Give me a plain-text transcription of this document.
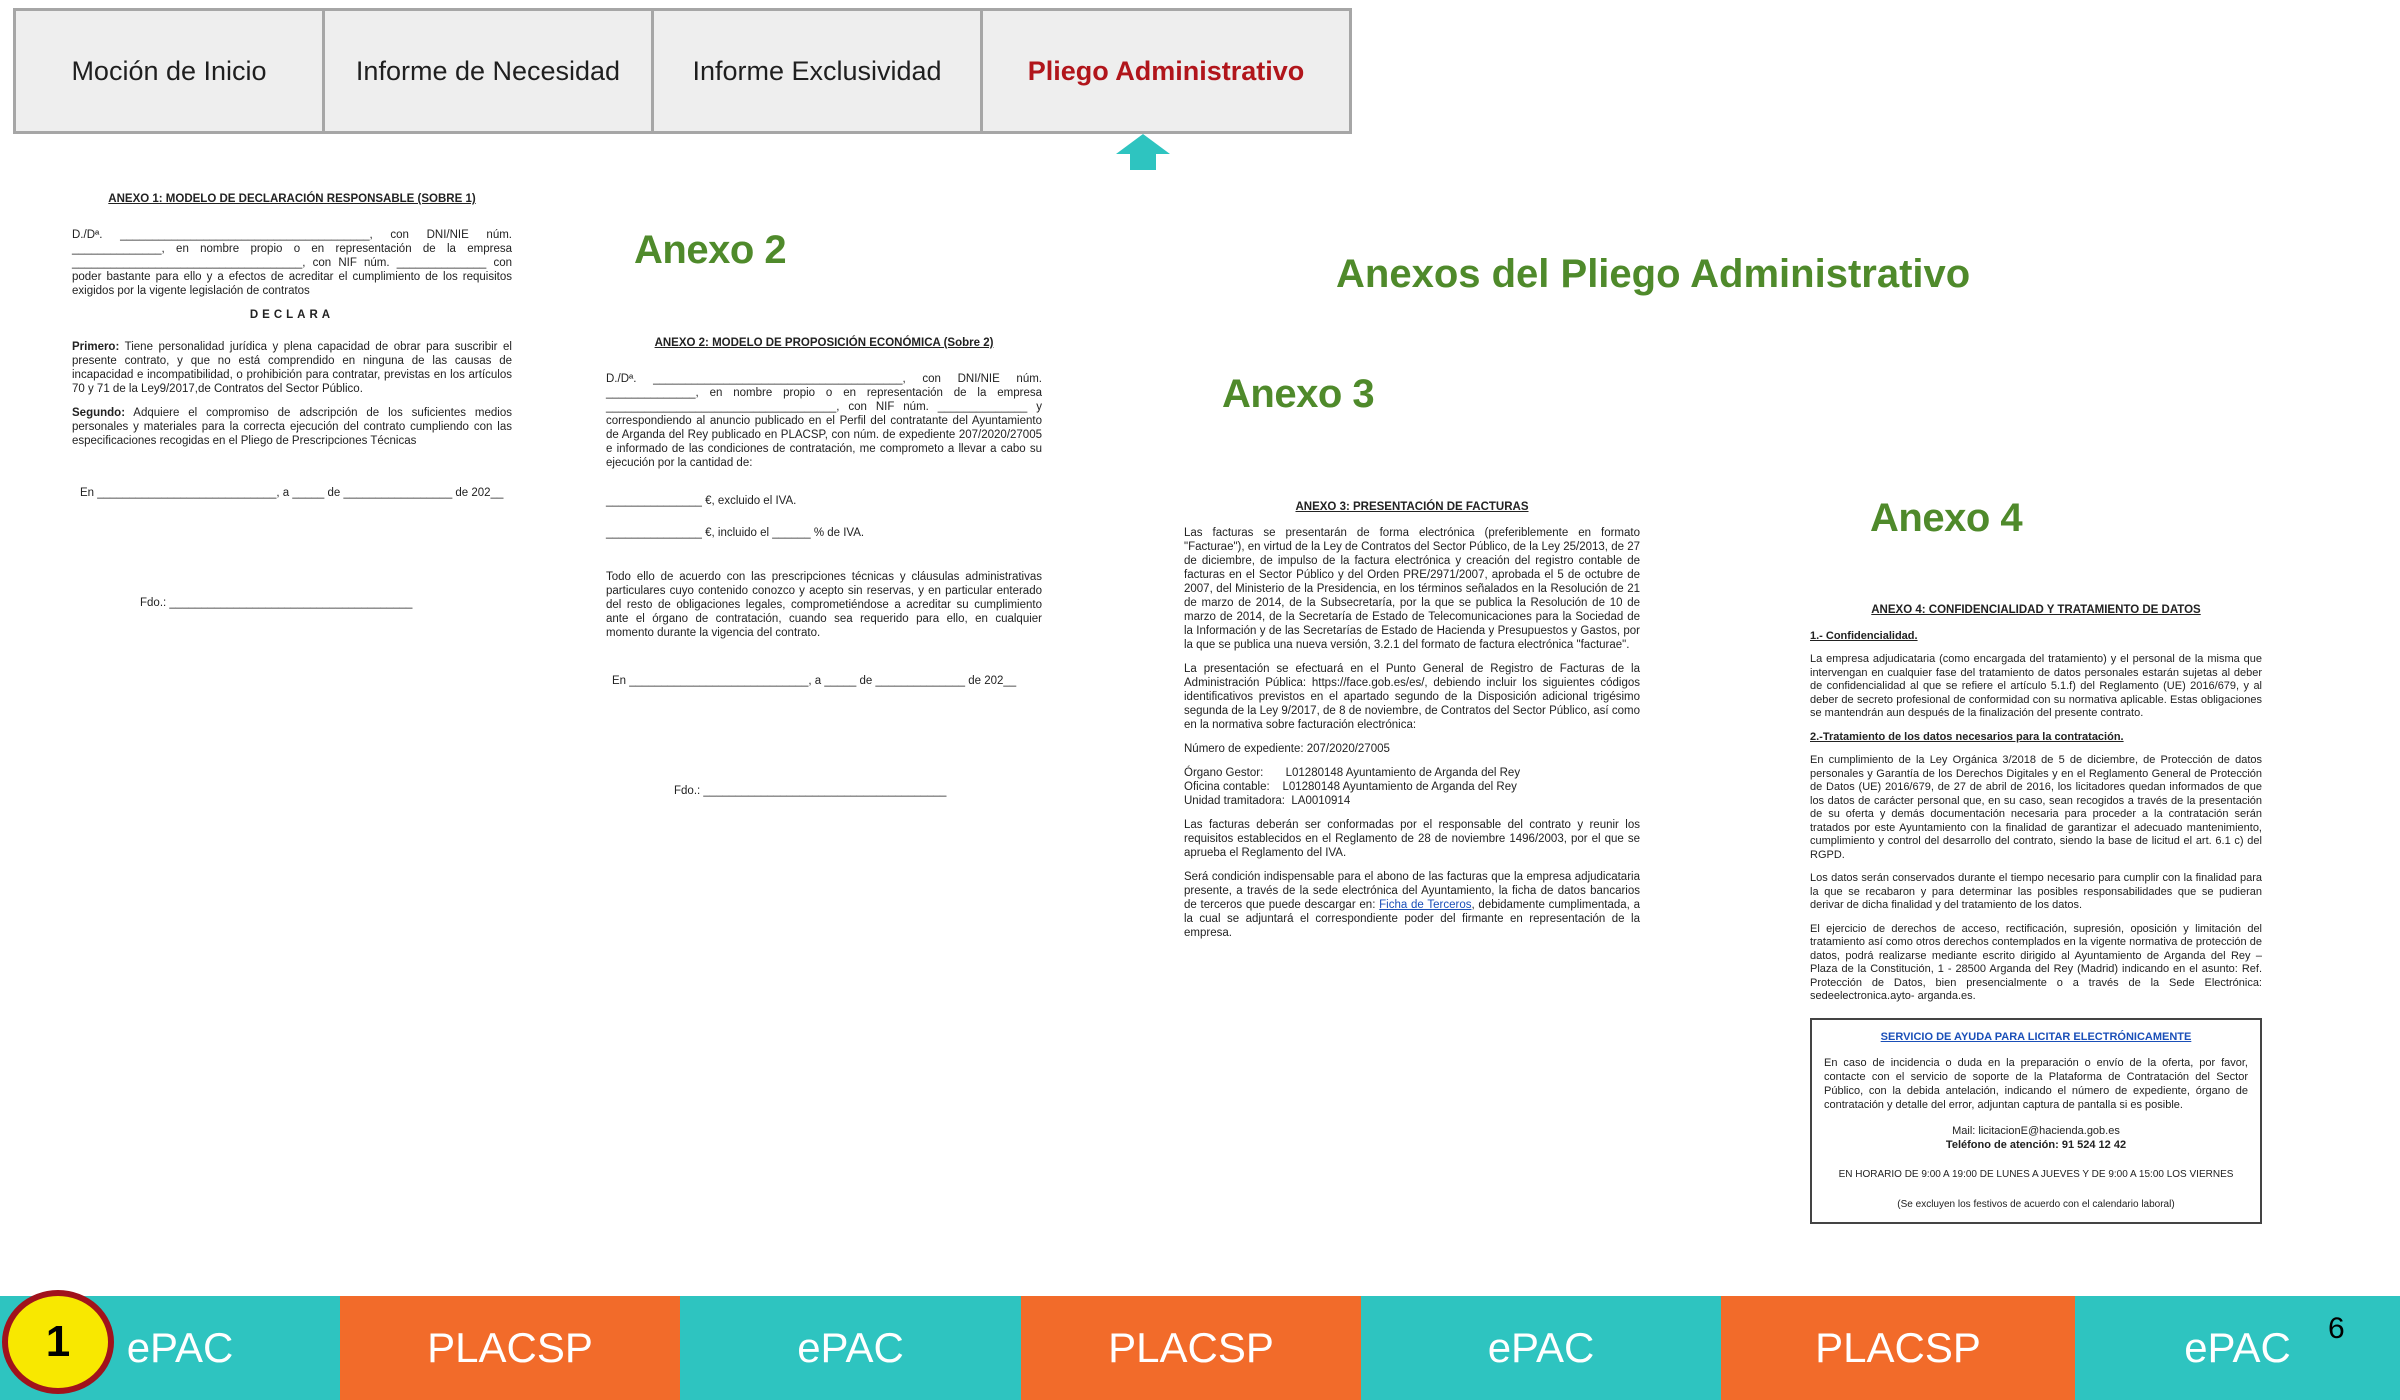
Moción de Inicio	Informe de Necesidad	Informe Exclusividad	Pliego Administrativo
Anexos del Pliego Administrativo
Anexo 2
Anexo 3
Anexo 4
ANEXO 1: MODELO DE DECLARACIÓN RESPONSABLE (SOBRE 1)

D./Dª. _______________________________________, con DNI/NIE núm. ______________, en nombre propio o en representación de la empresa ____________________________________, con NIF núm. ______________ con poder bastante para ello y a efectos de acreditar el cumplimiento de los requisitos exigidos por la vigente legislación de contratos

DECLARA

Primero: Tiene personalidad jurídica y plena capacidad de obrar para suscribir el presente contrato, y que no está comprendido en ninguna de las causas de incapacidad e incompatibilidad, o prohibición para contratar, previstas en los artículos 70 y 71 de la Ley9/2017,de Contratos del Sector Público.

Segundo: Adquiere el compromiso de adscripción de los suficientes medios personales y materiales para la correcta ejecución del contrato cumpliendo con las especificaciones recogidas en el Pliego de Prescripciones Técnicas

En ____________________________, a _____ de _________________ de 202__

Fdo.: ______________________________________

ANEXO 2: MODELO DE PROPOSICIÓN ECONÓMICA (Sobre 2)

D./Dª. _______________________________________, con DNI/NIE núm. ______________, en nombre propio o en representación de la empresa ____________________________________, con NIF núm. ______________ y correspondiendo al anuncio publicado en el Perfil del contratante del Ayuntamiento de Arganda del Rey publicado en PLACSP, con núm. de expediente 207/2020/27005 e informado de las condiciones de contratación, me comprometo a llevar a cabo su ejecución por la cantidad de:

_______________ €, excluido el IVA.

_______________ €, incluido el ______ % de IVA.

Todo ello de acuerdo con las prescripciones técnicas y cláusulas administrativas particulares cuyo contenido conozco y acepto sin reservas, y en particular enterado del resto de obligaciones legales, comprometiéndose a acreditar su cumplimiento ante el órgano de contratación, cuando sea requerido para ello, en cualquier momento durante la vigencia del contrato.

En ____________________________, a _____ de ______________ de 202__

Fdo.: ______________________________________

ANEXO 3: PRESENTACIÓN DE FACTURAS

Las facturas se presentarán de forma electrónica (preferiblemente en formato "Facturae"), en virtud de la Ley de Contratos del Sector Público, de la Ley 25/2013, de 27 de diciembre, de impulso de la factura electrónica y creación del registro contable de facturas en el Sector Público y del Orden PRE/2971/2007, aprobada el 5 de octubre de 2007, del Ministerio de la Presidencia, en los términos señalados en la Resolución de 21 de marzo de 2014, de la Subsecretaría, por la que se publica la Resolución de 10 de marzo de 2014, de la Secretaría de Estado de Telecomunicaciones para la Sociedad de la Información y de las Secretarías de Estado de Hacienda y Presupuestos y Gastos, por la que se publica una nueva versión, 3.2.1 del formato de factura electrónica "facturae".

La presentación se efectuará en el Punto General de Registro de Facturas de la Administración Pública: https://face.gob.es/es/, debiendo incluir los siguientes códigos identificativos previstos en el apartado segundo de la Disposición adicional trigésimo segunda de la Ley 9/2017, de 8 de noviembre, de Contratos del Sector Público, así como en la normativa sobre facturación electrónica:

Número de expediente: 207/2020/27005

Órgano Gestor:       L01280148 Ayuntamiento de Arganda del Rey
Oficina contable:    L01280148 Ayuntamiento de Arganda del Rey
Unidad tramitadora:  LA0010914

Las facturas deberán ser conformadas por el responsable del contrato y reunir los requisitos establecidos en el Reglamento de 28 de noviembre 1496/2003, por el que se aprueba el Reglamento del IVA.

Será condición indispensable para el abono de las facturas que la empresa adjudicataria presente, a través de la sede electrónica del Ayuntamiento, la ficha de datos bancarios de terceros que puede descargar en: Ficha de Terceros, debidamente cumplimentada, a la cual se adjuntará el correspondiente poder del firmante en representación de la empresa.

ANEXO 4: CONFIDENCIALIDAD Y TRATAMIENTO DE DATOS

1.- Confidencialidad.

La empresa adjudicataria (como encargada del tratamiento) y el personal de la misma que intervengan en cualquier fase del tratamiento de datos personales estarán sujetas al deber de confidencialidad al que se refiere el artículo 5.1.f) del Reglamento (UE) 2016/679, y al deber de secreto profesional de conformidad con su normativa aplicable. Estas obligaciones se mantendrán aun después de la finalización del presente contrato.

2.-Tratamiento de los datos necesarios para la contratación.

En cumplimiento de la Ley Orgánica 3/2018 de 5 de diciembre, de Protección de datos personales y Garantía de los Derechos Digitales y en el Reglamento General de Protección de Datos (UE) 2016/679, de 27 de abril de 2016, los licitadores quedan informados de que los datos de carácter personal que, en su caso, sean recogidos a través de la presentación de su oferta y demás documentación necesaria para proceder a la contratación serán tratados por este Ayuntamiento con la finalidad de garantizar el adecuado mantenimiento, cumplimiento y control del desarrollo del contrato, siendo la base de licitud el art. 6.1 c) del RGPD.

Los datos serán conservados durante el tiempo necesario para cumplir con la finalidad para la que se recabaron y para determinar las posibles responsabilidades que se pudieran derivar de dicha finalidad y del tratamiento de los datos.

El ejercicio de derechos de acceso, rectificación, supresión, oposición y limitación del tratamiento así como otros derechos contemplados en la vigente normativa de protección de datos, podrá realizarse mediante escrito dirigido al Ayuntamiento de Arganda del Rey – Plaza de la Constitución, 1 - 28500 Arganda del Rey (Madrid) indicando en el asunto: Ref. Protección de Datos, bien presencialmente o a través de la Sede Electrónica: sedeelectronica.ayto- arganda.es.

SERVICIO DE AYUDA PARA LICITAR ELECTRÓNICAMENTE

En caso de incidencia o duda en la preparación o envío de la oferta, por favor, contacte con el servicio de soporte de la Plataforma de Contratación del Sector Público, con la debida antelación, indicando el número de expediente, órgano de contratación y detalle del error, adjuntan captura de pantalla si es posible.

Mail: licitacionE@hacienda.gob.es
Teléfono de atención: 91 524 12 42
EN HORARIO DE 9:00 A 19:00 DE LUNES A JUEVES Y DE 9:00 A 15:00 LOS VIERNES
(Se excluyen los festivos de acuerdo con el calendario laboral)
ePAC	PLACSP	ePAC	PLACSP	ePAC	PLACSP	ePAC
1	6
